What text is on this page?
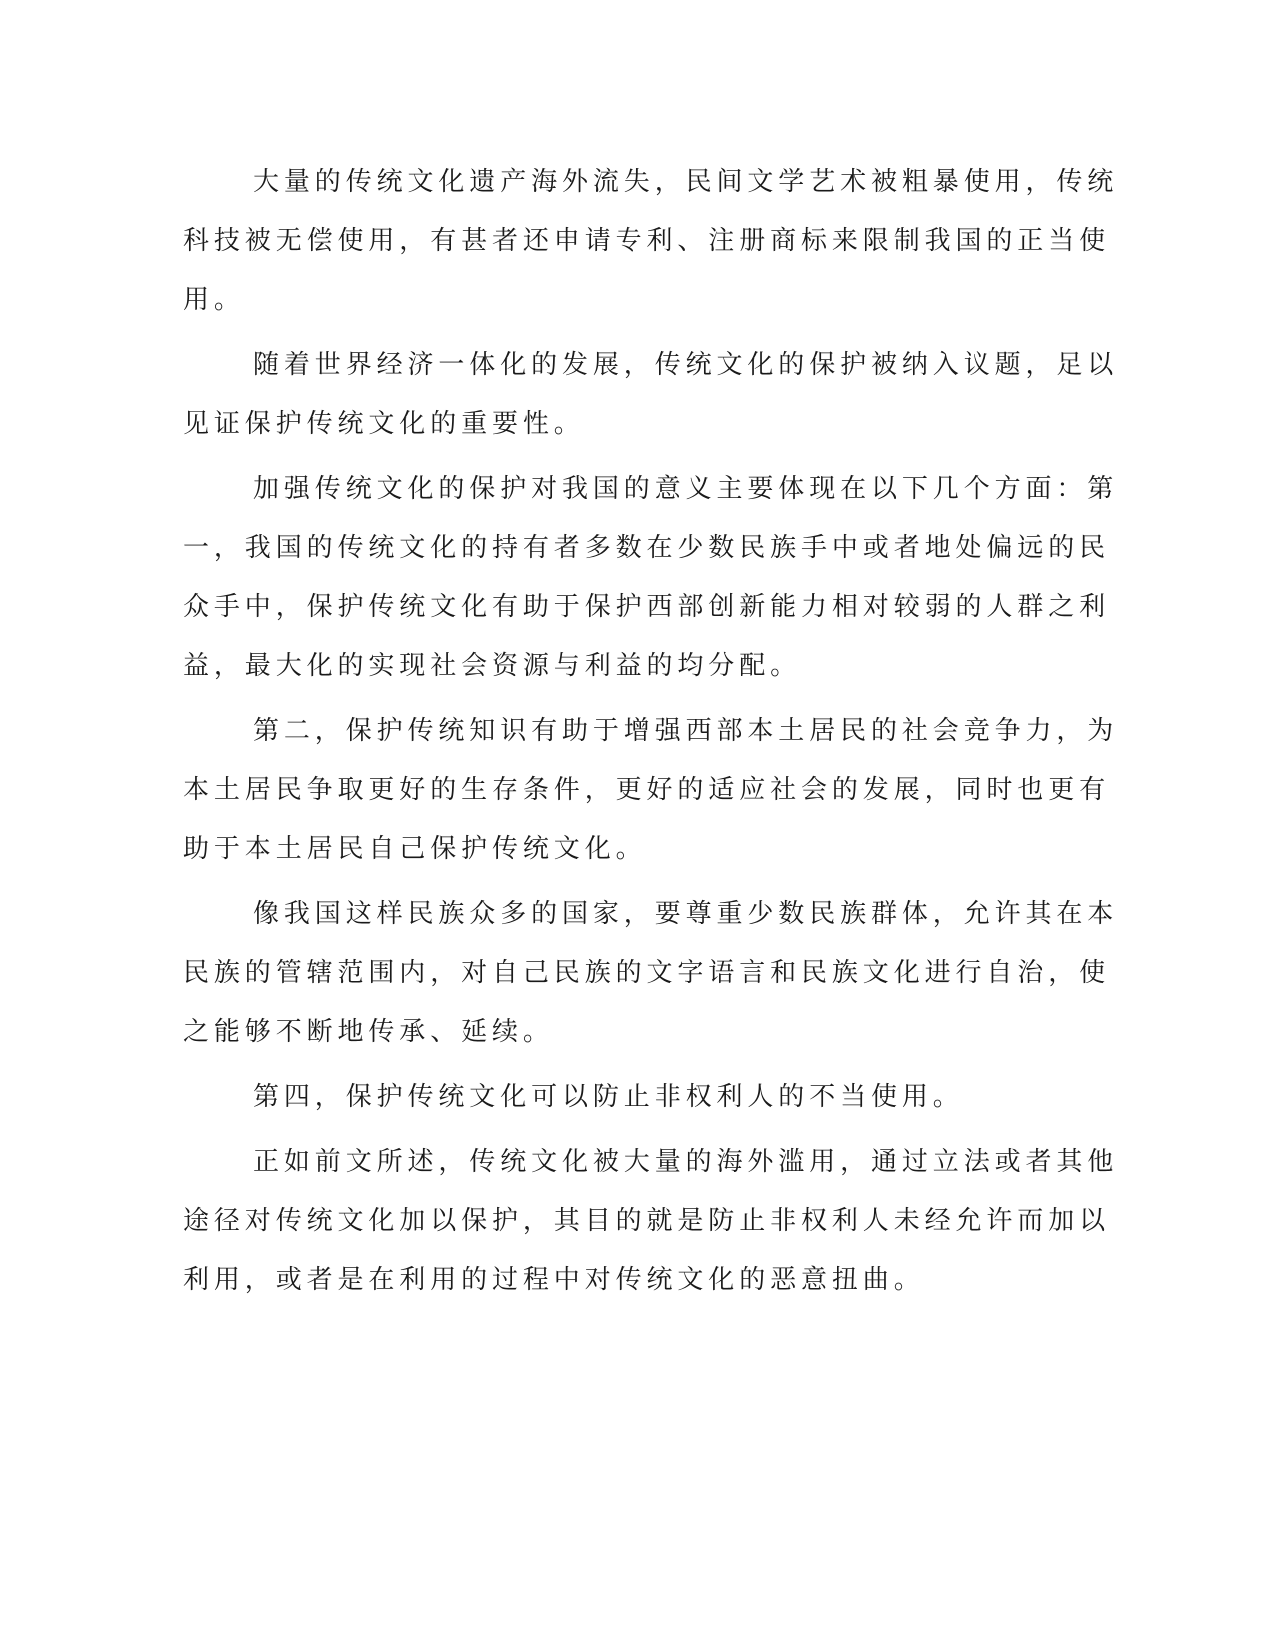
大量的传统文化遗产海外流失，民间文学艺术被粗暴使用，传统
科技被无偿使用，有甚者还申请专利、注册商标来限制我国的正当使
用。
随着世界经济一体化的发展，传统文化的保护被纳入议题，足以
见证保护传统文化的重要性。
加强传统文化的保护对我国的意义主要体现在以下几个方面：第
一，我国的传统文化的持有者多数在少数民族手中或者地处偏远的民
众手中，保护传统文化有助于保护西部创新能力相对较弱的人群之利
益，最大化的实现社会资源与利益的均分配。
第二，保护传统知识有助于增强西部本土居民的社会竞争力，为
本土居民争取更好的生存条件，更好的适应社会的发展，同时也更有
助于本土居民自己保护传统文化。
像我国这样民族众多的国家，要尊重少数民族群体，允许其在本
民族的管辖范围内，对自己民族的文字语言和民族文化进行自治，使
之能够不断地传承、延续。
第四，保护传统文化可以防止非权利人的不当使用。
正如前文所述，传统文化被大量的海外滥用，通过立法或者其他
途径对传统文化加以保护，其目的就是防止非权利人未经允许而加以
利用，或者是在利用的过程中对传统文化的恶意扭曲。
